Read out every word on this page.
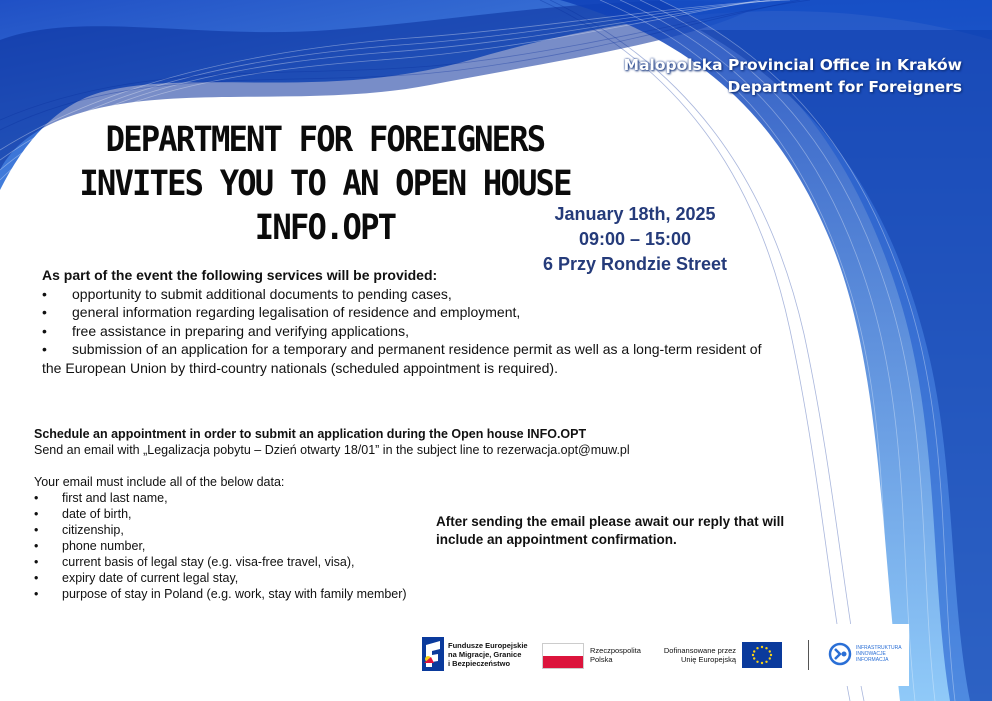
Malopolska Provincial Office in Kraków
Department for Foreigners
DEPARTMENT FOR FOREIGNERS
INVITES YOU TO AN OPEN HOUSE INFO.OPT	January 18th, 2025
09:00 – 15:00
6 Przy Rondzie Street
As part of the event the following services will be provided:
• opportunity to submit additional documents to pending cases,
• general information regarding legalisation of residence and employment,
• free assistance in preparing and verifying applications,
• submission of an application for a temporary and permanent residence permit as well as a long-term resident of
the European Union by third-country nationals (scheduled appointment is required).
Schedule an appointment in order to submit an application during the Open house INFO.OPT
Send an email with „Legalizacja pobytu – Dzień otwarty 18/01” in the subject line to rezerwacja.opt@muw.pl
Your email must include all of the below data:
• first and last name,
• date of birth,
• citizenship,
• phone number,
• current basis of legal stay (e.g. visa-free travel, visa),
• expiry date of current legal stay,
• purpose of stay in Poland (e.g. work, stay with family member)
After sending the email please await our reply that will include an appointment confirmation.
Fundusze Europejskie
na Migracje, Granice
i Bezpieczeństwo
Rzeczpospolita
Polska
Dofinansowane przez
Unię Europejską
INFRASTRUKTURA
INNOWACJE
INFORMACJA
